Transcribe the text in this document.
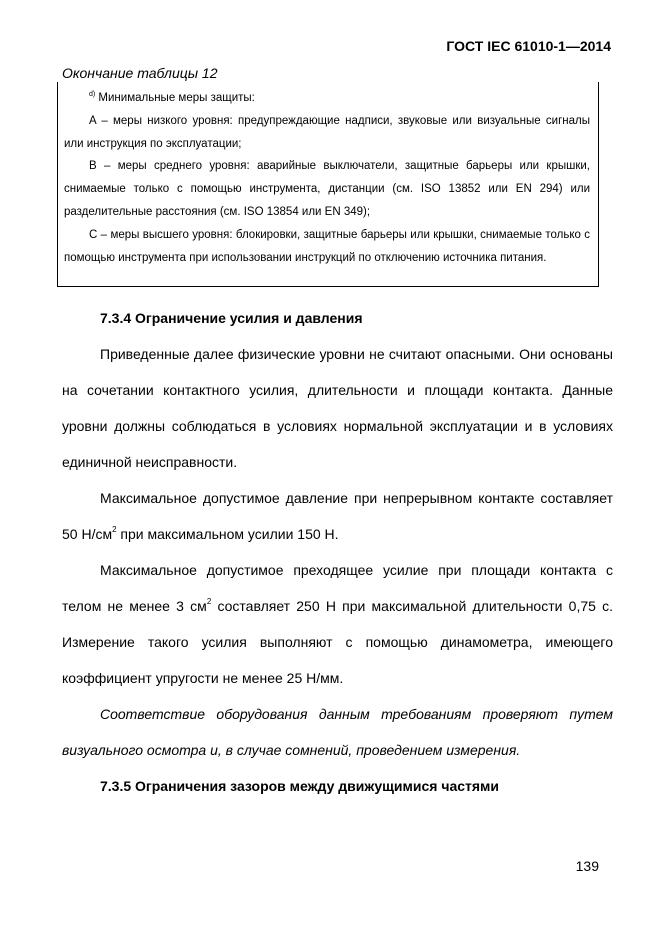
ГОСТ IEC 61010-1—2014
Окончание таблицы 12

$^{d)}$ Минимальные меры защиты:

A – меры низкого уровня: предупреждающие надписи, звуковые или визуальные сигналы или инструкция по эксплуатации;

B – меры среднего уровня: аварийные выключатели, защитные барьеры или крышки, снимаемые только с помощью инструмента, дистанции (см. ISO 13852 или EN 294) или разделительные расстояния (см. ISO 13854 или EN 349);

C – меры высшего уровня: блокировки, защитные барьеры или крышки, снимаемые только с помощью инструмента при использовании инструкций по отключению источника питания.

7.3.4 Ограничение усилия и давления

Приведенные далее физические уровни не считают опасными. Они основаны на сочетании контактного усилия, длительности и площади контакта. Данные уровни должны соблюдаться в условиях нормальной эксплуатации и в условиях единичной неисправности.

Максимальное допустимое давление при непрерывном контакте составляет 50 $Н/см^2$ при максимальном усилии 150 Н.

Максимальное допустимое преходящее усилие при площади контакта с телом не менее 3 $см^2$ составляет 250 Н при максимальной длительности 0,75 с. Измерение такого усилия выполняют с помощью динамометра, имеющего коэффициент упругости не менее 25 Н/мм.

Соответствие оборудования данным требованиям проверяют путем визуального осмотра и, в случае сомнений, проведением измерения.

7.3.5 Ограничения зазоров между движущимися частями
139
